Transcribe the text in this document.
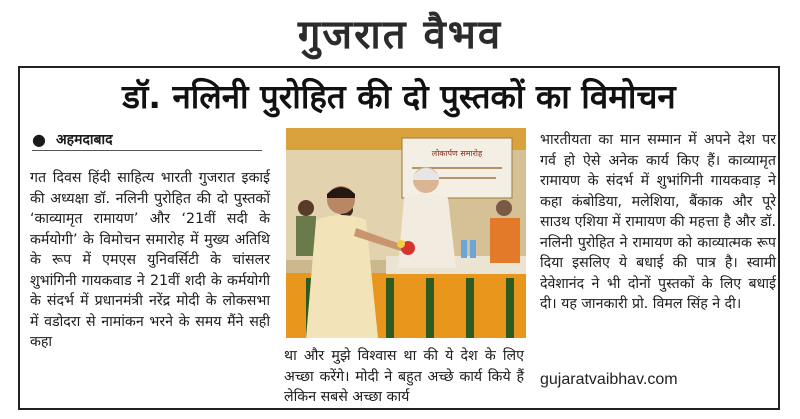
गुजरात वैभव
डॉ. नलिनी पुरोहित की दो पुस्तकों का विमोचन
● अहमदाबाद
गत दिवस हिंदी साहित्य भारती गुजरात इकाई की अध्यक्षा डॉ. नलिनी पुरोहित की दो पुस्तकों ‘काव्यामृत रामायण’ और ‘21वीं सदी के कर्मयोगी’ के विमोचन समारोह में मुख्य अतिथि के रूप में एमएस युनिवर्सिटी के चांसलर शुभांगिनी गायकवाड ने 21वीं शदी के कर्मयोगी के संदर्भ में प्रधानमंत्री नरेंद्र मोदी के लोकसभा में वडोदरा से नामांकन भरने के समय मैंने सही कहा
लोकार्पण समारोह
था और मुझे विश्वास था की ये देश के लिए अच्छा करेंगे। मोदी ने बहुत अच्छे कार्य किये हैं लेकिन सबसे अच्छा कार्य
भारतीयता का मान सम्मान में अपने देश पर गर्व हो ऐसे अनेक कार्य किए हैं। काव्यामृत रामायण के संदर्भ में शुभांगिनी गायकवाड़ ने कहा कंबोडिया, मलेशिया, बैंकाक और पूरे साउथ एशिया में रामायण की महत्ता है और डॉ. नलिनी पुरोहित ने रामायण को काव्यात्मक रूप दिया इसलिए ये बधाई की पात्र है। स्वामी देवेशानंद ने भी दोनों पुस्तकों के लिए बधाई दी। यह जानकारी प्रो. विमल सिंह ने दी।
gujaratvaibhav.com
